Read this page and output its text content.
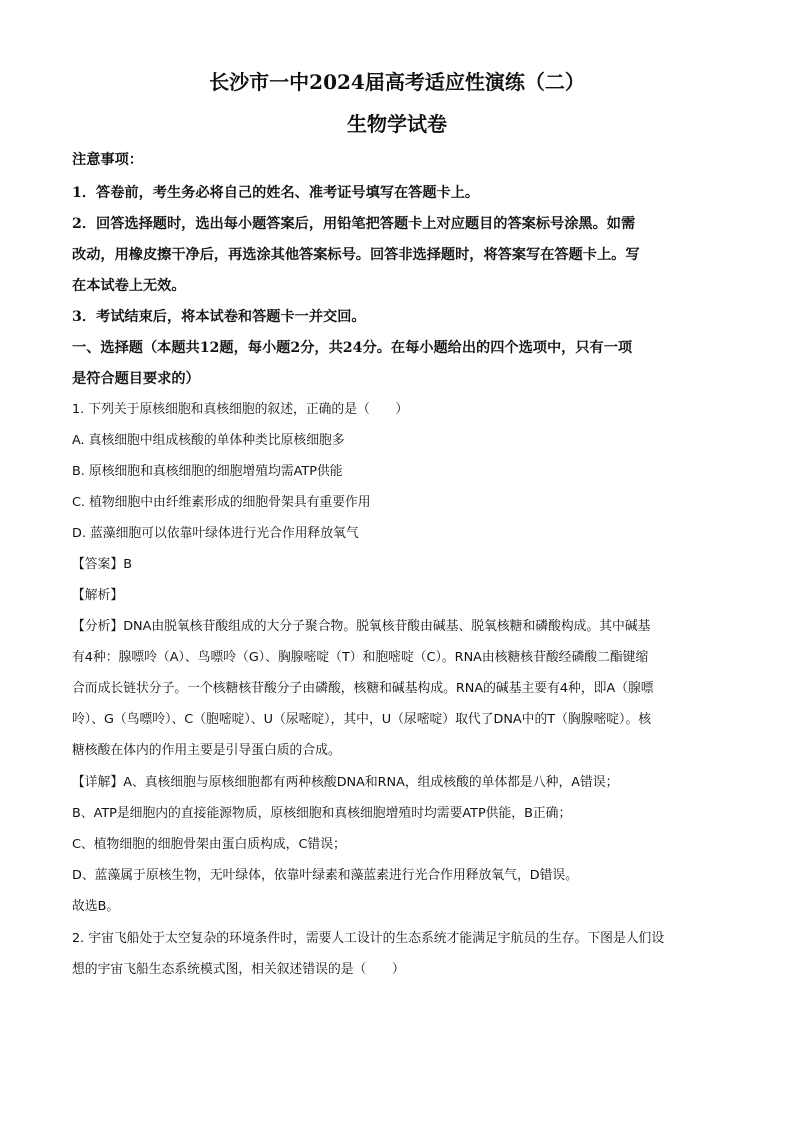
长沙市一中2024届高考适应性演练（二）
生物学试卷
注意事项：
1．答卷前，考生务必将自己的姓名、准考证号填写在答题卡上。
2．回答选择题时，选出每小题答案后，用铅笔把答题卡上对应题目的答案标号涂黑。如需
改动，用橡皮擦干净后，再选涂其他答案标号。回答非选择题时，将答案写在答题卡上。写
在本试卷上无效。
3．考试结束后，将本试卷和答题卡一并交回。
一、选择题（本题共12题，每小题2分，共24分。在每小题给出的四个选项中，只有一项
是符合题目要求的）
1. 下列关于原核细胞和真核细胞的叙述，正确的是（　　）
A. 真核细胞中组成核酸的单体种类比原核细胞多
B. 原核细胞和真核细胞的细胞增殖均需ATP供能
C. 植物细胞中由纤维素形成的细胞骨架具有重要作用
D. 蓝藻细胞可以依靠叶绿体进行光合作用释放氧气
【答案】B
【解析】
【分析】DNA由脱氧核苷酸组成的大分子聚合物。脱氧核苷酸由碱基、脱氧核糖和磷酸构成。其中碱基
有4种：腺嘌呤（A）、鸟嘌呤（G）、胸腺嘧啶（T）和胞嘧啶（C）。RNA由核糖核苷酸经磷酸二酯键缩
合而成长链状分子。一个核糖核苷酸分子由磷酸，核糖和碱基构成。RNA的碱基主要有4种，即A（腺嘌
呤）、G（鸟嘌呤）、C（胞嘧啶）、U（尿嘧啶），其中，U（尿嘧啶）取代了DNA中的T（胸腺嘧啶）。核
糖核酸在体内的作用主要是引导蛋白质的合成。
【详解】A、真核细胞与原核细胞都有两种核酸DNA和RNA，组成核酸的单体都是八种，A错误；
B、ATP是细胞内的直接能源物质，原核细胞和真核细胞增殖时均需要ATP供能，B正确；
C、植物细胞的细胞骨架由蛋白质构成，C错误；
D、蓝藻属于原核生物，无叶绿体，依靠叶绿素和藻蓝素进行光合作用释放氧气，D错误。
故选B。
2. 宇宙飞船处于太空复杂的环境条件时，需要人工设计的生态系统才能满足宇航员的生存。下图是人们设
想的宇宙飞船生态系统模式图，相关叙述错误的是（　　）
